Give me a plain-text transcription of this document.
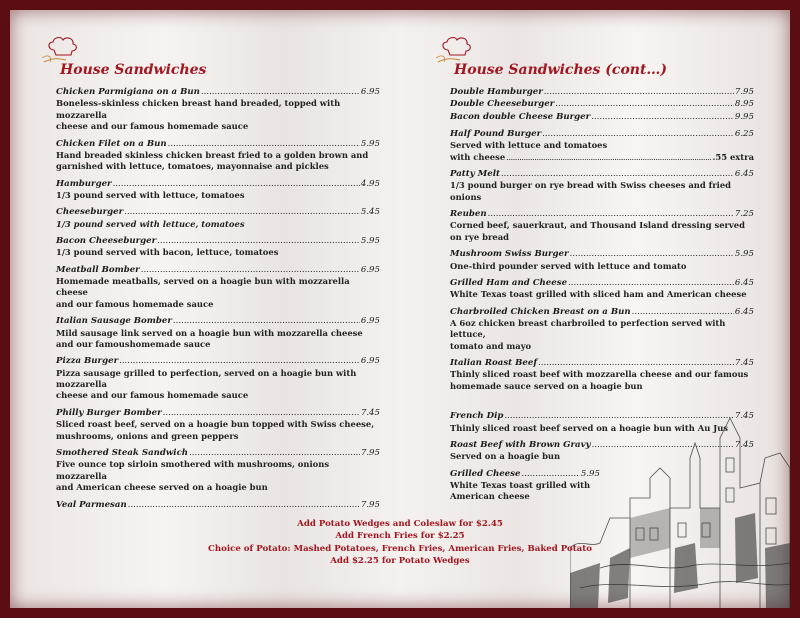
House Sandwiches
Chicken Parmigiana on a Bun .....	6.95
Boneless-skinless chicken breast hand breaded, topped with mozzarella
cheese and our famous homemade sauce
Chicken Filet on a Bun .....	5.95
Hand breaded skinless chicken breast fried to a golden brown and
garnished with lettuce, tomatoes, mayonnaise and pickles
Hamburger .....	4.95
1/3 pound served with lettuce, tomatoes
Cheeseburger .....	5.45
1/3 pound served with lettuce, tomatoes
Bacon Cheeseburger .....	5.95
1/3 pound served with bacon, lettuce, tomatoes
Meatball Bomber .....	6.95
Homemade meatballs, served on a hoagie bun with mozzarella cheese
and our famous homemade sauce
Italian Sausage Bomber .....	6.95
Mild sausage link served on a hoagie bun with mozzarella cheese
and our famoushomemade sauce
Pizza Burger .....	6.95
Pizza sausage grilled to perfection, served on a hoagie bun with mozzarella
cheese and our famous homemade sauce
Philly Burger Bomber .....	7.45
Sliced roast beef, served on a hoagie bun topped with Swiss cheese,
mushrooms, onions and green peppers
Smothered Steak Sandwich .....	7.95
Five ounce top sirloin smothered with mushrooms, onions mozzarella
and American cheese served on a hoagie bun
Veal Parmesan .....	7.95
House Sandwiches (cont…)
Double Hamburger .....	7.95
Double Cheeseburger .....	8.95
Bacon double Cheese Burger .....	9.95
Half Pound Burger .....	6.25
Served with lettuce and tomatoes
with cheese .....	.55 extra
Patty Melt .....	6.45
1/3 pound burger on rye bread with Swiss cheeses and fried onions
Reuben .....	7.25
Corned beef, sauerkraut, and Thousand Island dressing served
on rye bread
Mushroom Swiss Burger .....	5.95
One-third pounder served with lettuce and tomato
Grilled Ham and Cheese .....	6.45
White Texas toast grilled with sliced ham and American cheese
Charbroiled Chicken Breast on a Bun .....	6.45
A 6oz chicken breast charbroiled to perfection served with lettuce,
tomato and mayo
Italian Roast Beef .....	7.45
Thinly sliced roast beef with mozzarella cheese and our famous
homemade sauce served on a hoagie bun
French Dip .....	7.45
Thinly sliced roast beef served on a hoagie bun with Au Jus
Roast Beef with Brown Gravy .....	7.45
Served on a hoagie bun
Grilled Cheese .....	5.95
White Texas toast grilled with
American cheese
Add Potato Wedges and Coleslaw for $2.45
Add French Fries for $2.25
Choice of Potato: Mashed Potatoes, French Fries, American Fries, Baked Potato
Add $2.25 for Potato Wedges
